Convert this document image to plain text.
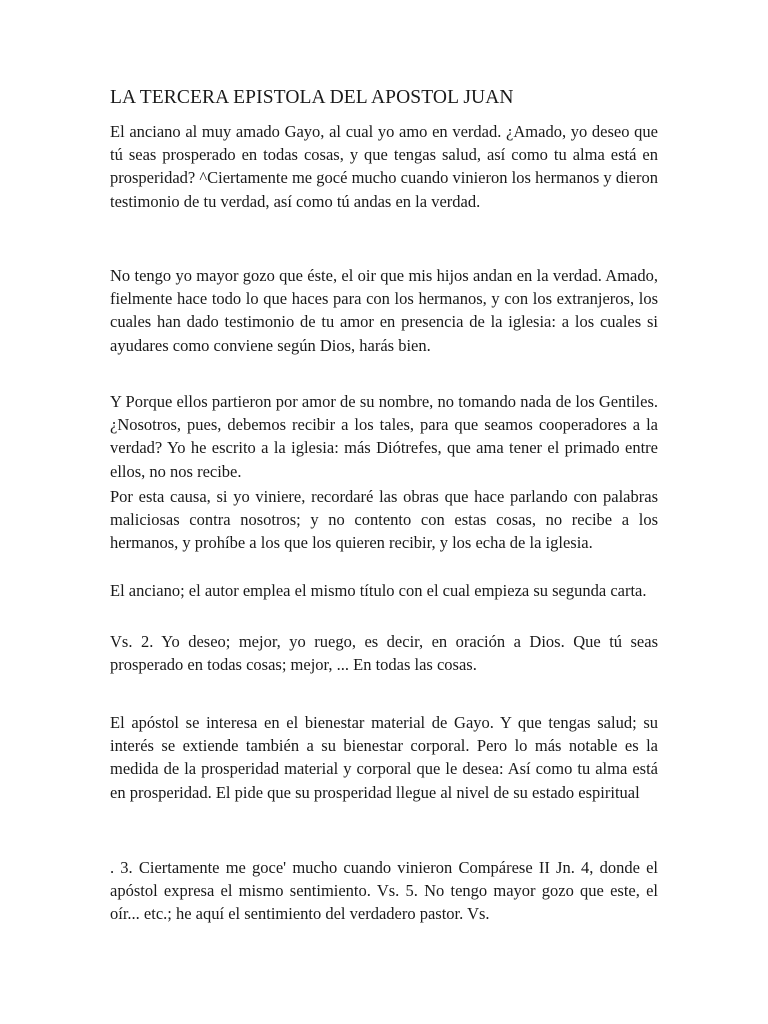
LA TERCERA EPISTOLA DEL APOSTOL JUAN

El anciano al muy amado Gayo, al cual yo amo en verdad. ¿Amado, yo deseo que tú seas prosperado en todas cosas, y que tengas salud, así como tu alma está en prosperidad? ^Ciertamente me gocé mucho cuando vinieron los hermanos y dieron testimonio de tu verdad, así como tú andas en la verdad.

No tengo yo mayor gozo que éste, el oir que mis hijos andan en la verdad. Amado, fielmente hace todo lo que haces para con los hermanos, y con los extranjeros, los cuales han dado testimonio de tu amor en presencia de la iglesia: a los cuales si ayudares como conviene según Dios, harás bien.

Y Porque ellos partieron por amor de su nombre, no tomando nada de los Gentiles. ¿Nosotros, pues, debemos recibir a los tales, para que seamos cooperadores a la verdad? Yo he escrito a la iglesia: más Diótrefes, que ama tener el primado entre ellos, no nos recibe.

Por esta causa, si yo viniere, recordaré las obras que hace parlando con palabras maliciosas contra nosotros; y no contento con estas cosas, no recibe a los hermanos, y prohíbe a los que los quieren recibir, y los echa de la iglesia.

El anciano; el autor emplea el mismo título con el cual empieza su segunda carta.

Vs. 2. Yo deseo; mejor, yo ruego, es decir, en oración a Dios. Que tú seas prosperado en todas cosas; mejor, ... En todas las cosas.

El apóstol se interesa en el bienestar material de Gayo. Y que tengas salud; su interés se extiende también a su bienestar corporal. Pero lo más notable es la medida de la prosperidad material y corporal que le desea: Así como tu alma está en prosperidad. El pide que su prosperidad llegue al nivel de su estado espiritual

. 3. Ciertamente me goce' mucho cuando vinieron Compárese II Jn. 4, donde el apóstol expresa el mismo sentimiento. Vs. 5. No tengo mayor gozo que este, el oír... etc.; he aquí el sentimiento del verdadero pastor. Vs.
